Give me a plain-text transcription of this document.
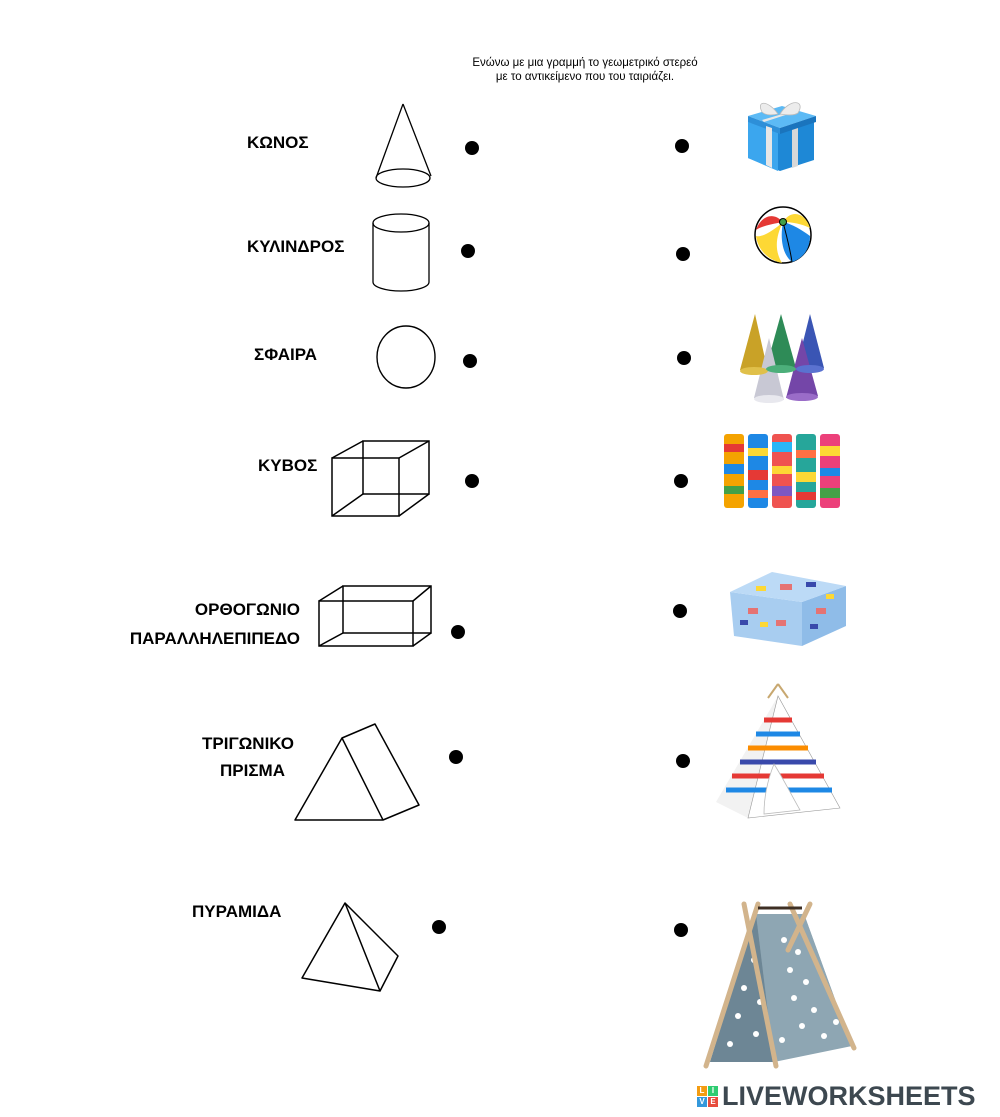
Ενώνω με μια γραμμή το γεωμετρικό στερεό
με το αντικείμενο που του ταιριάζει.
ΚΩΝΟΣ
ΚΥΛΙΝΔΡΟΣ
ΣΦΑΙΡΑ
ΚΥΒΟΣ
ΟΡΘΟΓΩΝΙΟ
ΠΑΡΑΛΛΗΛΕΠΙΠΕΔΟ
ΤΡΙΓΩΝΙΚΟ
ΠΡΙΣΜΑ
ΠΥΡΑΜΙΔΑ
L I
V E LIVEWORKSHEETS
